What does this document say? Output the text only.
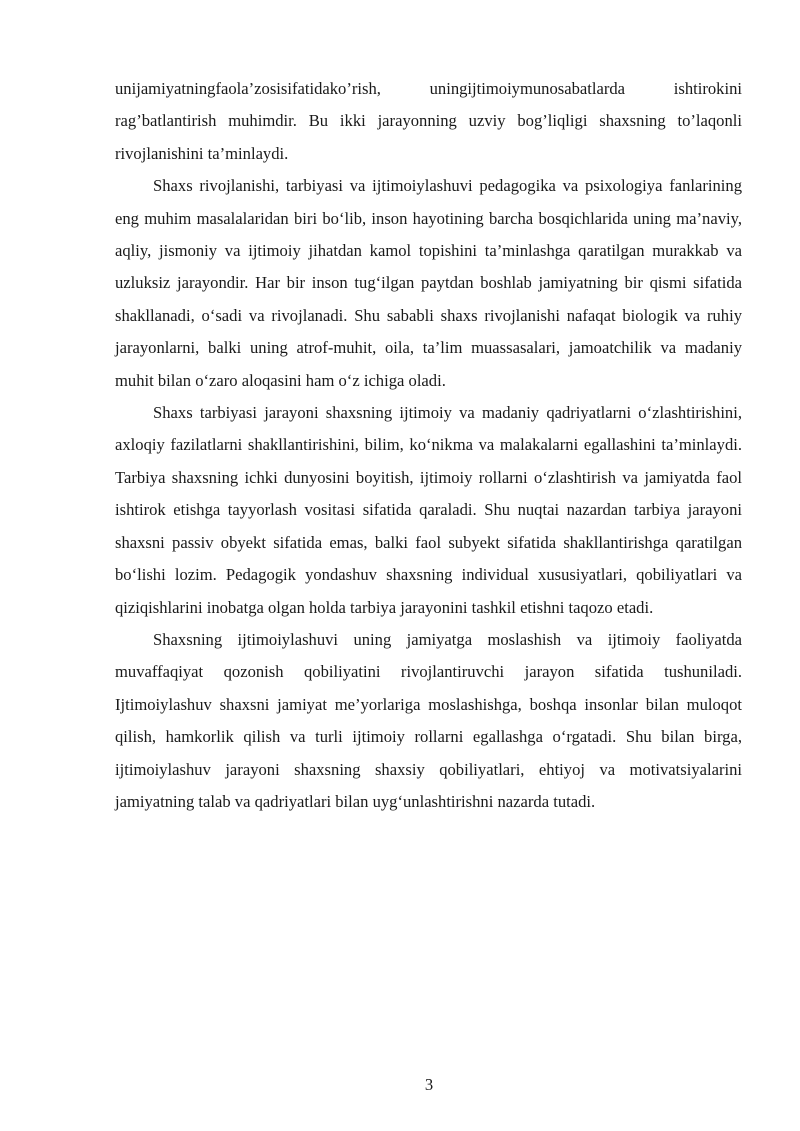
unijamiyatningfaola’zosisifatidako’rish, uningijtimoiymunosabatlarda ishtirokini rag’batlantirish muhimdir. Bu ikki jarayonning uzviy bog’liqligi shaxsning to’laqonli rivojlanishini ta’minlaydi.

Shaxs rivojlanishi, tarbiyasi va ijtimoiylashuvi pedagogika va psixologiya fanlarining eng muhim masalalaridan biri bo‘lib, inson hayotining barcha bosqichlarida uning ma’naviy, aqliy, jismoniy va ijtimoiy jihatdan kamol topishini ta’minlashga qaratilgan murakkab va uzluksiz jarayondir. Har bir inson tug‘ilgan paytdan boshlab jamiyatning bir qismi sifatida shakllanadi, o‘sadi va rivojlanadi. Shu sababli shaxs rivojlanishi nafaqat biologik va ruhiy jarayonlarni, balki uning atrof-muhit, oila, ta’lim muassasalari, jamoatchilik va madaniy muhit bilan o‘zaro aloqasini ham o‘z ichiga oladi.

Shaxs tarbiyasi jarayoni shaxsning ijtimoiy va madaniy qadriyatlarni o‘zlashtirishini, axloqiy fazilatlarni shakllantirishini, bilim, ko‘nikma va malakalarni egallashini ta’minlaydi. Tarbiya shaxsning ichki dunyosini boyitish, ijtimoiy rollarni o‘zlashtirish va jamiyatda faol ishtirok etishga tayyorlash vositasi sifatida qaraladi. Shu nuqtai nazardan tarbiya jarayoni shaxsni passiv obyekt sifatida emas, balki faol subyekt sifatida shakllantirishga qaratilgan bo‘lishi lozim. Pedagogik yondashuv shaxsning individual xususiyatlari, qobiliyatlari va qiziqishlarini inobatga olgan holda tarbiya jarayonini tashkil etishni taqozo etadi.

Shaxsning ijtimoiylashuvi uning jamiyatga moslashish va ijtimoiy faoliyatda muvaffaqiyat qozonish qobiliyatini rivojlantiruvchi jarayon sifatida tushuniladi. Ijtimoiylashuv shaxsni jamiyat me’yorlariga moslashishga, boshqa insonlar bilan muloqot qilish, hamkorlik qilish va turli ijtimoiy rollarni egallashga o‘rgatadi. Shu bilan birga, ijtimoiylashuv jarayoni shaxsning shaxsiy qobiliyatlari, ehtiyoj va motivatsiyalarini jamiyatning talab va qadriyatlari bilan uyg‘unlashtirishni nazarda tutadi.

3
